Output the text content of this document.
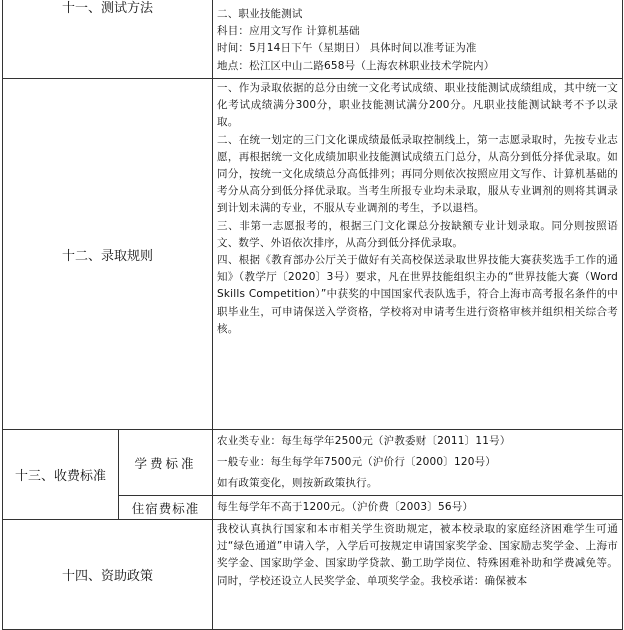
十一、测试方法		二、职业技能测试

科目：应用文写作 计算机基础

时间：5月14日下午（星期日） 具体时间以准考证为准

地点：松江区中山二路658号（上海农林职业技术学院内）

十二、录取规则		一、作为录取依据的总分由统一文化考试成绩、职业技能测试成绩组成，其中统一文化考试成绩满分300分，职业技能测试满分200分。凡职业技能测试缺考不予以录取。

二、在统一划定的三门文化课成绩最低录取控制线上，第一志愿录取时，先按专业志愿，再根据统一文化成绩加职业技能测试成绩五门总分，从高分到低分择优录取。如同分，按统一文化成绩总分高低排列；再同分则依次按照应用文写作、计算机基础的考分从高分到低分择优录取。当考生所报专业均未录取，服从专业调剂的则将其调录到计划未满的专业，不服从专业调剂的考生，予以退档。

三、非第一志愿报考的，根据三门文化课总分按缺额专业计划录取。同分则按照语文、数学、外语依次排序，从高分到低分择优录取。

四、根据《教育部办公厅关于做好有关高校保送录取世界技能大赛获奖选手工作的通知》（教学厅〔2020〕3号）要求，凡在世界技能组织主办的“世界技能大赛（Word Skills Competition）”中获奖的中国国家代表队选手，符合上海市高考报名条件的中职毕业生，可申请保送入学资格，学校将对申请考生进行资格审核并组织相关综合考核。

十三、收费标准	学费标准	农业类专业：每生每学年2500元（沪教委财〔2011〕11号）

一般专业：每生每学年7500元（沪价行〔2000〕120号）

如有政策变化，则按新政策执行。

	住宿费标准	每生每学年不高于1200元。（沪价费〔2003〕56号）
十四、资助政策		我校认真执行国家和本市相关学生资助规定，被本校录取的家庭经济困难学生可通过“绿色通道”申请入学，入学后可按规定申请国家奖学金、国家励志奖学金、上海市奖学金、国家助学金、国家助学贷款、勤工助学岗位、特殊困难补助和学费减免等。同时，学校还设立人民奖学金、单项奖学金。我校承诺：确保被本
